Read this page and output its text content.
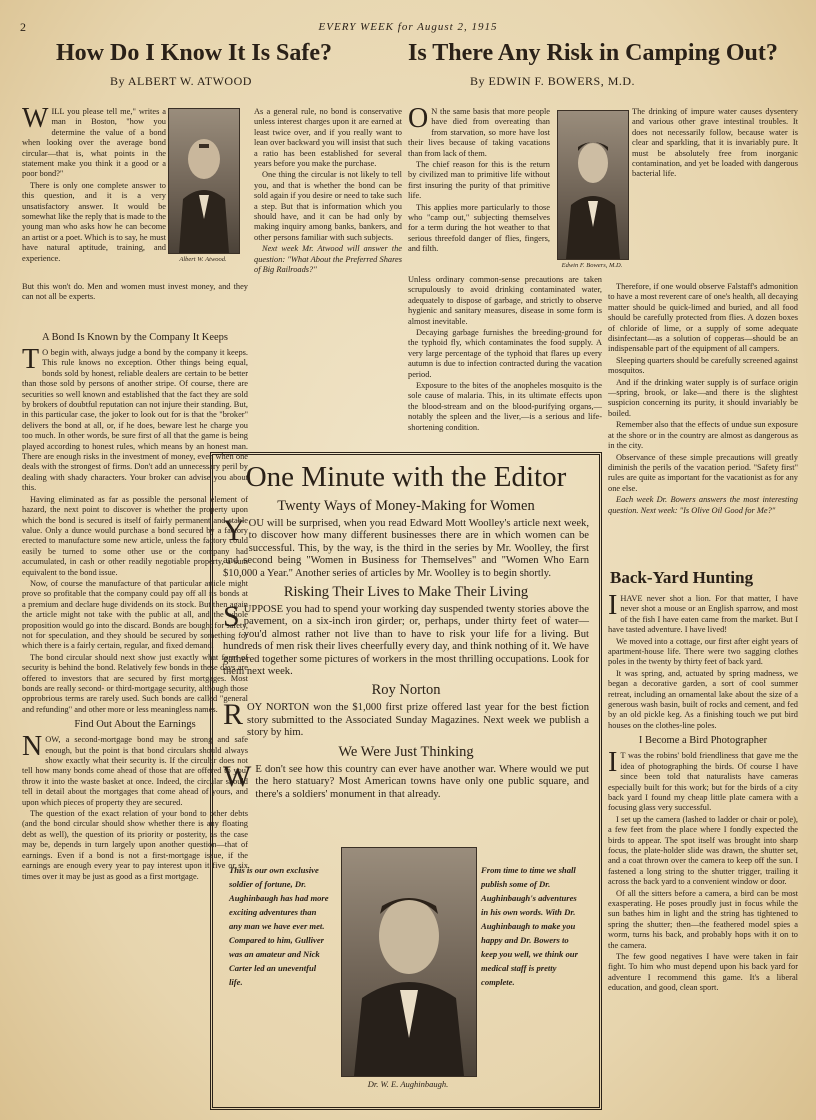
2	EVERY WEEK for August 2, 1915
How Do I Know It Is Safe?
By ALBERT W. ATWOOD
Is There Any Risk in Camping Out?
By EDWIN F. BOWERS, M.D.
Albert W. Atwood.

WILL you please tell me," writes a man in Boston, "how you determine the value of a bond when looking over the average bond circular—that is, what points in the statement make you think it a good or a poor bond?"

There is only one complete answer to this question, and it is a very unsatisfactory answer. It would be somewhat like the reply that is made to the young man who asks how he can become an artist or a poet. Which is to say, he must have natural aptitude, training, and experience.

But this won't do. Men and women must invest money, and they can not all be experts.

A Bond Is Known by the Company It Keeps

T O begin with, always judge a bond by the company it keeps. This rule knows no exception. Other things being equal, bonds sold by honest, reliable dealers are certain to be better than those sold by persons of another stripe. Of course, there are securities so well known and established that the fact they are sold by brokers of doubtful reputation can not injure their standing. But, in this particular case, the joker to look out for is that the "broker" delivers the bond at all, or, if he does, beware lest he charge you too much. In other words, be sure first of all that the game is being played according to honest rules, which means by an honest man. There are enough risks in the investment of money, even when one deals with the strongest of firms. Don't add an unnecessary peril by dealing with shady characters. Your broker can advise you about this.

Having eliminated as far as possible the personal element of hazard, the next point to discover is whether the property upon which the bond is secured is itself of fairly permanent and stable value. Only a dunce would purchase a bond secured by a factory erected to manufacture some new article, unless the factory could easily be turned to some other use or the company had accumulated, in cash or other readily negotiable property, a sum equivalent to the bond issue.

Now, of course the manufacture of that particular article might prove so profitable that the company could pay off all its bonds at a premium and declare huge dividends on its stock. But then again the article might not take with the public at all, and the whole proposition would go into the discard. Bonds are bought for safety, not for speculation, and they should be secured by something for which there is a fairly certain, regular, and fixed demand.

The bond circular should next show just exactly what form of security is behind the bond. Relatively few bonds in these days are offered to investors that are secured by first mortgages. Most bonds are really second- or third-mortgage security, although those opprobrious terms are rarely used. Such bonds are called "general and refunding" and other more or less meaningless names.

Find Out About the Earnings

NOW, a second-mortgage bond may be strong and safe enough, but the point is that bond circulars should always show exactly what their security is. If the circular does not tell how many bonds come ahead of those that are offered to you, throw it into the waste basket at once. Indeed, the circular should tell in detail about the mortgages that come ahead of yours, and upon which pieces of property they are secured.

The question of the exact relation of your bond to other debts (and the bond circular should show whether there is any floating debt as well), the question of its priority or posterity, as the case may be, depends in turn largely upon another question—that of earnings. Even if a bond is not a first-mortgage issue, if the earnings are enough every year to pay interest upon it five or six times over it may be just as good as a first mortgage.

As a general rule, no bond is conservative unless interest charges upon it are earned at least twice over, and if you really want to lean over backward you will insist that such a ratio has been established for several years before you make the purchase.

One thing the circular is not likely to tell you, and that is whether the bond can be sold again if you desire or need to take such a step. But that is information which you should have, and it can be had only by making inquiry among banks, bankers, and other persons familiar with such subjects.

Next week Mr. Atwood will answer the question: "What About the Preferred Shares of Big Railroads?"

O N the same basis that more people have died from overeating than from starvation, so more have lost their lives because of taking vacations than from lack of them.

The chief reason for this is the return by civilized man to primitive life without first insuring the purity of that primitive life.

This applies more particularly to those who "camp out," subjecting themselves for a term during the hot weather to that serious threefold danger of flies, fingers, and filth.

Unless ordinary common-sense precautions are taken scrupulously to avoid drinking contaminated water, adequately to dispose of garbage, and strictly to observe hygienic and sanitary measures, disease in some form is almost inevitable.

Decaying garbage furnishes the breeding-ground for the typhoid fly, which contaminates the food supply. A very large percentage of the typhoid that flares up every autumn is due to infection contracted during the vacation period.

Exposure to the bites of the anopheles mosquito is the sole cause of malaria. This, in its ultimate effects upon the blood-stream and on the blood-purifying organs,—notably the spleen and the liver,—is a serious and life-shortening condition.

Edwin F. Bowers, M.D.

The drinking of impure water causes dysentery and various other grave intestinal troubles. It does not necessarily follow, because water is clear and sparkling, that it is invariably pure. It must be absolutely free from inorganic contamination, and yet be loaded with dangerous bacterial life.

Therefore, if one would observe Falstaff's admonition to have a most reverent care of one's health, all decaying matter should be quick-limed and buried, and all food should be carefully protected from flies. A dozen boxes of chloride of lime, or a supply of some adequate disinfectant—as a solution of copperas—should be an indispensable part of the equipment of all campers.

Sleeping quarters should be carefully screened against mosquitos.

And if the drinking water supply is of surface origin—spring, brook, or lake—and there is the slightest suspicion concerning its purity, it should invariably be boiled.

Remember also that the effects of undue sun exposure at the shore or in the country are almost as dangerous as in the city.

Observance of these simple precautions will greatly diminish the perils of the vacation period. "Safety first" rules are quite as important for the vacationist as for any one else.

Each week Dr. Bowers answers the most interesting question. Next week: "Is Olive Oil Good for Me?"

One Minute with the Editor
Twenty Ways of Money-Making for Women

YOU will be surprised, when you read Edward Mott Woolley's article next week, to discover how many different businesses there are in which women can be successful. This, by the way, is the third in the series by Mr. Woolley, the first and second being "Women in Business for Themselves" and "Women Who Earn $10,000 a Year." Another series of articles by Mr. Woolley is to begin shortly.

Risking Their Lives to Make Their Living

SUPPOSE you had to spend your working day suspended twenty stories above the pavement, on a six-inch iron girder; or, perhaps, under thirty feet of water—you'd almost rather not live than to have to risk your life for a living. But hundreds of men risk their lives cheerfully every day, and think nothing of it. We have gathered together some pictures of workers in the most thrilling occupations. Look for them next week.

Roy Norton

ROY NORTON won the $1,000 first prize offered last year for the best fiction story submitted to the Associated Sunday Magazines. Next week we publish a story by him.

We Were Just Thinking

W E don't see how this country can ever have another war. Where would we put the hero statuary? Most American towns have only one public square, and there's a soldiers' monument in that already.

This is our own exclusive soldier of fortune, Dr. Aughinbaugh has had more exciting adventures than any man we have ever met. Compared to him, Gulliver was an amateur and Nick Carter led an uneventful life.
Dr. W. E. Aughinbaugh.
From time to time we shall publish some of Dr. Aughinbaugh's adventures in his own words. With Dr. Aughinbaugh to make you happy and Dr. Bowers to keep you well, we think our medical staff is pretty complete.
Back-Yard Hunting

IHAVE never shot a lion. For that matter, I have never shot a mouse or an English sparrow, and most of the fish I have eaten came from the market. But I have tasted adventure. I have lived!

We moved into a cottage, our first after eight years of apartment-house life. There were two sagging clothes poles in the twenty by thirty feet of back yard.

It was spring, and, actuated by spring madness, we began a decorative garden, a sort of cool summer retreat, including an ornamental lake about the size of a generous wash basin, built of rocks and cement, and fed by an old pickle keg. As a finishing touch we put bird houses on the clothes-line poles.

I Become a Bird Photographer

I T was the robins' bold friendliness that gave me the idea of photographing the birds. Of course I have since been told that naturalists have cameras especially built for this work; but for the birds of a city back yard I found my cheap little plate camera with a focusing glass very successful.

I set up the camera (lashed to ladder or chair or pole), a few feet from the place where I fondly expected the birds to appear. The spot itself was brought into sharp focus, the plate-holder slide was drawn, the shutter set, and a coat thrown over the camera to keep off the sun. I fastened a long string to the shutter trigger, trailing it across the back yard to a convenient window or door.

Of all the sitters before a camera, a bird can be most exasperating. He poses proudly just in focus while the sun bathes him in light and the string has tightened to spring the shutter; then—the feathered model spies a worm, turns his back, and probably hops with it on to the camera.

The few good negatives I have were taken in fair fight. To him who must depend upon his back yard for adventure I recommend this game. It's a liberal education, and good, clean sport.
